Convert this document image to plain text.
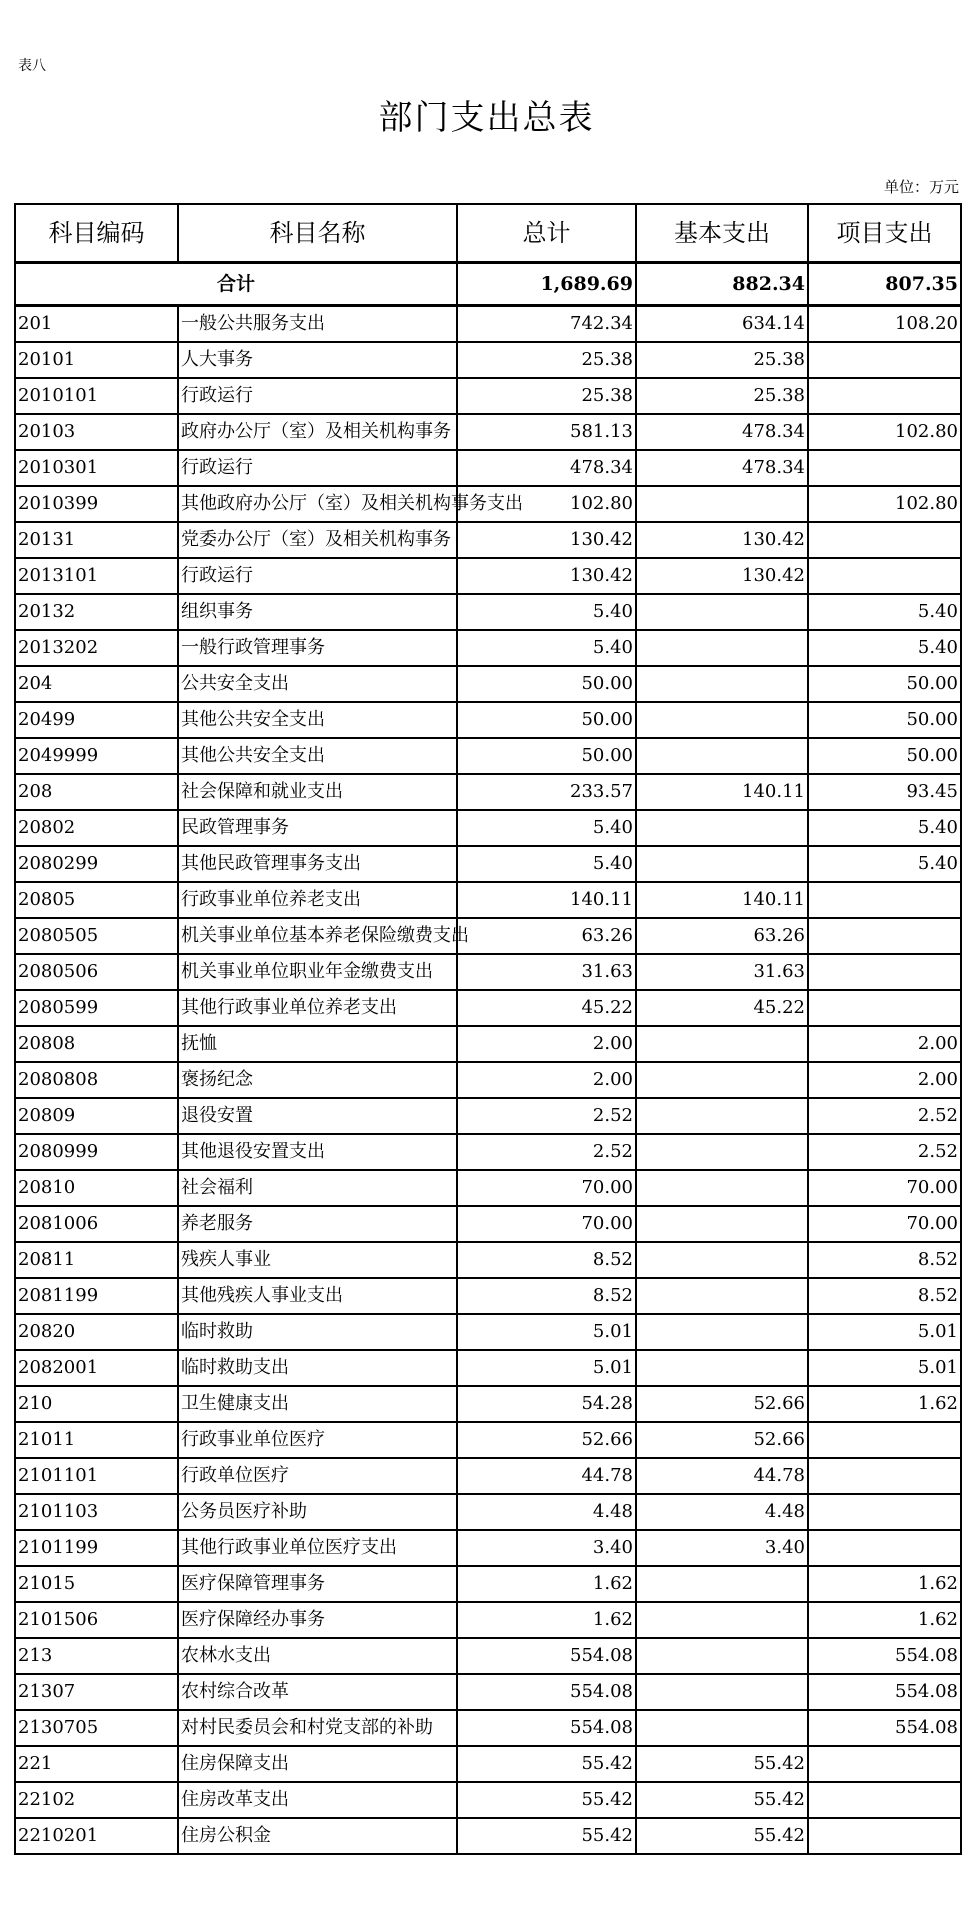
表八
部门支出总表
单位：万元
科目编码	科目名称	总计	基本支出	项目支出
合计		1,689.69	882.34	807.35
201	一般公共服务支出	742.34	634.14	108.20
20101	人大事务	25.38	25.38	
2010101	行政运行	25.38	25.38	
20103	政府办公厅（室）及相关机构事务	581.13	478.34	102.80
2010301	行政运行	478.34	478.34	
2010399	其他政府办公厅（室）及相关机构事务支出	102.80		102.80
20131	党委办公厅（室）及相关机构事务	130.42	130.42	
2013101	行政运行	130.42	130.42	
20132	组织事务	5.40		5.40
2013202	一般行政管理事务	5.40		5.40
204	公共安全支出	50.00		50.00
20499	其他公共安全支出	50.00		50.00
2049999	其他公共安全支出	50.00		50.00
208	社会保障和就业支出	233.57	140.11	93.45
20802	民政管理事务	5.40		5.40
2080299	其他民政管理事务支出	5.40		5.40
20805	行政事业单位养老支出	140.11	140.11	
2080505	机关事业单位基本养老保险缴费支出	63.26	63.26	
2080506	机关事业单位职业年金缴费支出	31.63	31.63	
2080599	其他行政事业单位养老支出	45.22	45.22	
20808	抚恤	2.00		2.00
2080808	褒扬纪念	2.00		2.00
20809	退役安置	2.52		2.52
2080999	其他退役安置支出	2.52		2.52
20810	社会福利	70.00		70.00
2081006	养老服务	70.00		70.00
20811	残疾人事业	8.52		8.52
2081199	其他残疾人事业支出	8.52		8.52
20820	临时救助	5.01		5.01
2082001	临时救助支出	5.01		5.01
210	卫生健康支出	54.28	52.66	1.62
21011	行政事业单位医疗	52.66	52.66	
2101101	行政单位医疗	44.78	44.78	
2101103	公务员医疗补助	4.48	4.48	
2101199	其他行政事业单位医疗支出	3.40	3.40	
21015	医疗保障管理事务	1.62		1.62
2101506	医疗保障经办事务	1.62		1.62
213	农林水支出	554.08		554.08
21307	农村综合改革	554.08		554.08
2130705	对村民委员会和村党支部的补助	554.08		554.08
221	住房保障支出	55.42	55.42	
22102	住房改革支出	55.42	55.42	
2210201	住房公积金	55.42	55.42	
